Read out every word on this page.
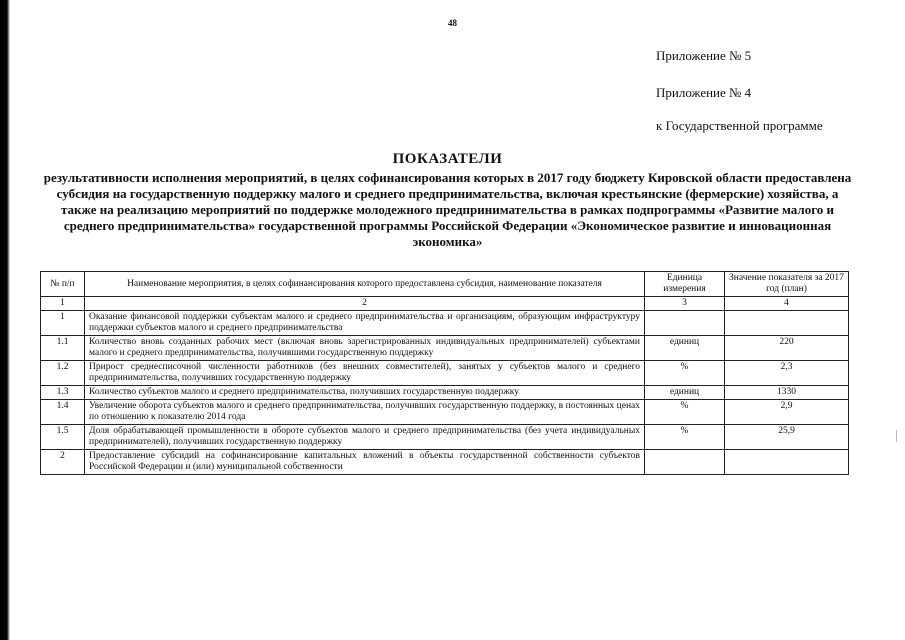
48
Приложение № 5
Приложение № 4
к Государственной программе
ПОКАЗАТЕЛИ
результативности исполнения мероприятий, в целях софинансирования которых в 2017 году бюджету Кировской области предоставлена субсидия на государственную поддержку малого и среднего предпринимательства, включая крестьянские (фермерские) хозяйства, а также на реализацию мероприятий по поддержке молодежного предпринимательства в рамках подпрограммы «Развитие малого и среднего предпринимательства» государственной программы Российской Федерации «Экономическое развитие и инновационная экономика»
№ п/п	Наименование мероприятия, в целях софинансирования которого предоставлена субсидия, наименование показателя	Единица измерения	Значение показателя за 2017 год (план)
1	2	3	4
1	Оказание финансовой поддержки субъектам малого и среднего предпринимательства и организациям, образующим инфраструктуру поддержки субъектов малого и среднего предпринимательства		
1.1	Количество вновь созданных рабочих мест (включая вновь зарегистрированных индивидуальных предпринимателей) субъектами малого и среднего предпринимательства, получившими государственную поддержку	единиц	220
1.2	Прирост среднесписочной численности работников (без внешних совместителей), занятых у субъектов малого и среднего предпринимательства, получивших государственную поддержку	%	2,3
1.3	Количество субъектов малого и среднего предпринимательства, получивших государственную поддержку	единиц	1330
1.4	Увеличение оборота субъектов малого и среднего предпринимательства, получивших государственную поддержку, в постоянных ценах по отношению к показателю 2014 года	%	2,9
1.5	Доля обрабатывающей промышленности в обороте субъектов малого и среднего предпринимательства (без учета индивидуальных предпринимателей), получивших государственную поддержку	%	25,9
2	Предоставление субсидий на софинансирование капитальных вложений в объекты государственной собственности субъектов Российской Федерации и (или) муниципальной собственности		
